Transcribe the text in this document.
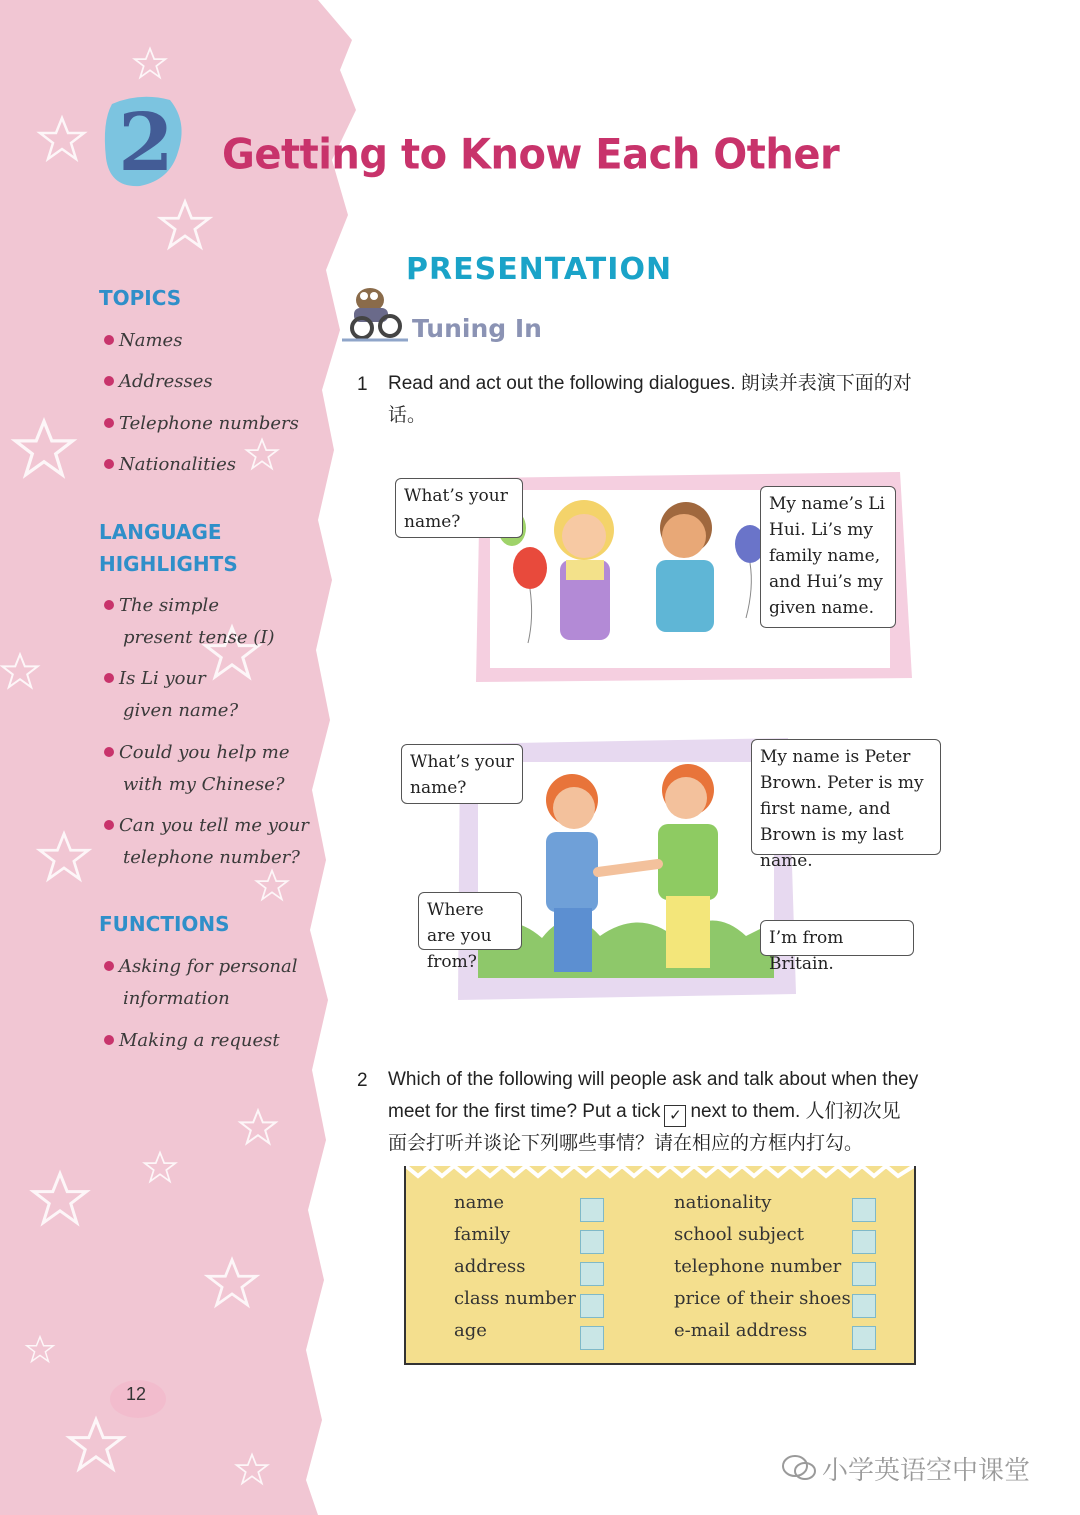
2 Getting to Know Each Other
TOPICS
Names
Addresses
Telephone numbers
Nationalities
LANGUAGE
HIGHLIGHTS
The simple
present tense (I)
Is Li your
given name?
Could you help me
with my Chinese?
Can you tell me your
telephone number?
FUNCTIONS
Asking for personal
information
Making a request
PRESENTATION
Tuning In
1 Read and act out the following dialogues. 朗读并表演下面的对
话。
What’s your name?
My name’s Li Hui. Li’s my family name, and Hui’s my given name.
What’s your name?
My name is Peter Brown. Peter is my first name, and Brown is my last name.
Where are you from?
I’m from Britain.
2 Which of the following will people ask and talk about when they
meet for the first time? Put a tick ✓ next to them. 人们初次见
面会打听并谈论下列哪些事情？请在相应的方框内打勾。
name
family
address
class number
age
nationality
school subject
telephone number
price of their shoes
e-mail address
12
小学英语空中课堂
